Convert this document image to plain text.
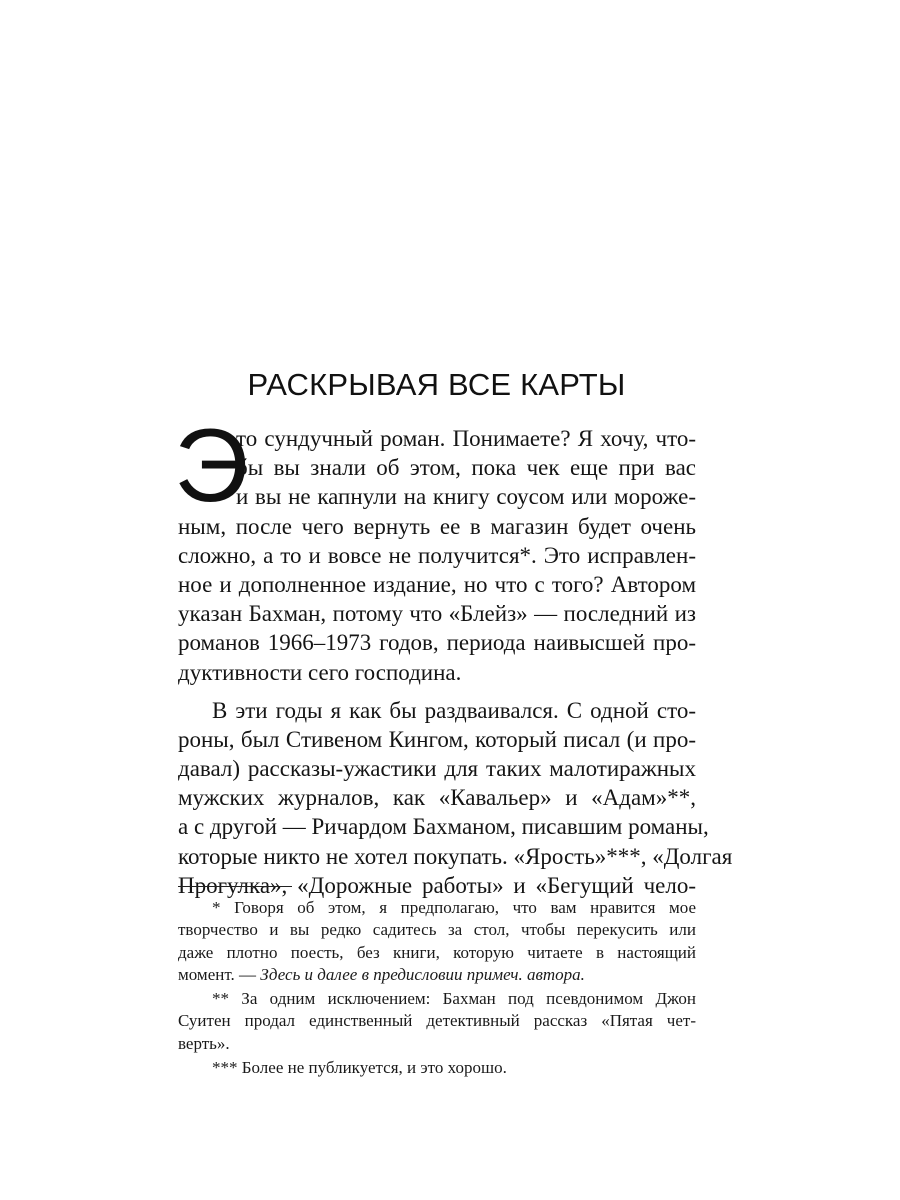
РАСКРЫВАЯ ВСЕ КАРТЫ
Э
то сундучный роман. Понимаете? Я хочу, что-
бы вы знали об этом, пока чек еще при вас
и вы не капнули на книгу соусом или мороже-
ным, после чего вернуть ее в магазин будет очень
сложно, а то и вовсе не получится*. Это исправлен-
ное и дополненное издание, но что с того? Автором
указан Бахман, потому что «Блейз» — последний из
романов 1966–1973 годов, периода наивысшей про-
дуктивности сего господина.
В эти годы я как бы раздваивался. С одной сто-
роны, был Стивеном Кингом, который писал (и про-
давал) рассказы-ужастики для таких малотиражных
мужских журналов, как «Кавальер» и «Адам»**,
а с другой — Ричардом Бахманом, писавшим романы,
которые никто не хотел покупать. «Ярость»***, «Долгая
Прогулка», «Дорожные работы» и «Бегущий чело-
* Говоря об этом, я предполагаю, что вам нравится мое
творчество и вы редко садитесь за стол, чтобы перекусить или
даже плотно поесть, без книги, которую читаете в настоящий
момент. — Здесь и далее в предисловии примеч. автора.
** За одним исключением: Бахман под псевдонимом Джон
Суитен продал единственный детективный рассказ «Пятая чет-
верть».
*** Более не публикуется, и это хорошо.
